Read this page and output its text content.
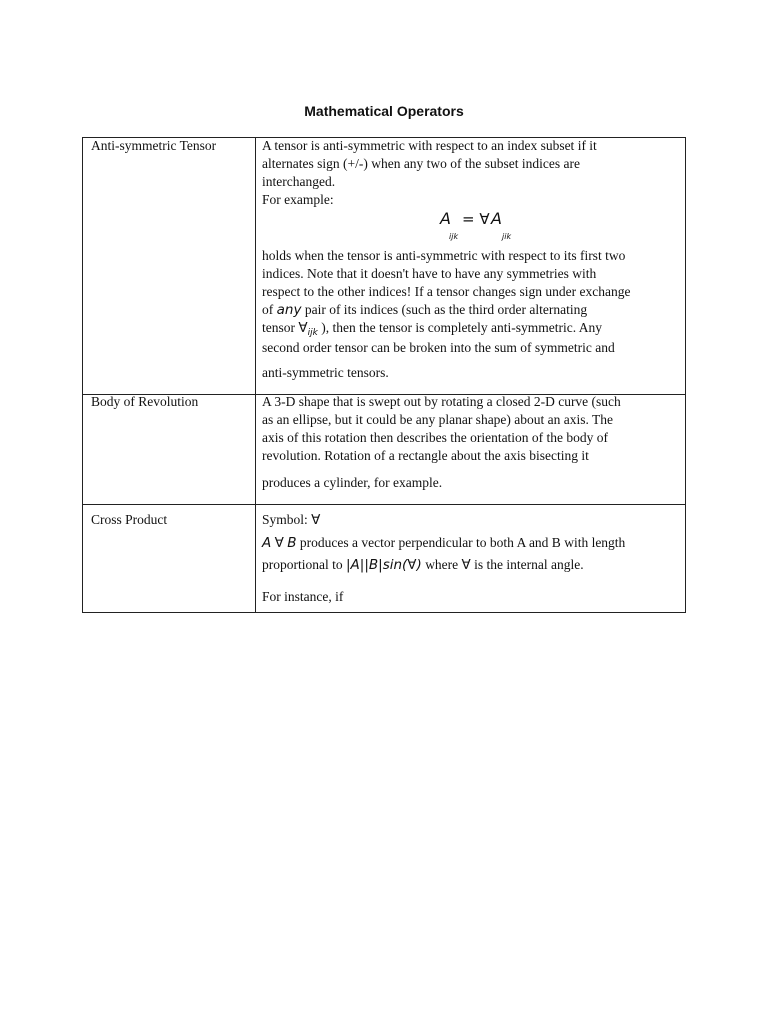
Mathematical Operators
Anti-symmetric Tensor	A tensor is anti-symmetric with respect to an index subset if it
alternates sign (+/-) when any two of the subset indices are
interchanged.
For example:
A
ijk
= ∀ A
jik
holds when the tensor is anti-symmetric with respect to its first two
indices. Note that it doesn't have to have any symmetries with
respect to the other indices! If a tensor changes sign under exchange
of any pair of its indices (such as the third order alternating
tensor $\forall_{ijk}$ ), then the tensor is completely anti-symmetric. Any
second order tensor can be broken into the sum of symmetric and
anti-symmetric tensors.
Body of Revolution	A 3-D shape that is swept out by rotating a closed 2-D curve (such
as an ellipse, but it could be any planar shape) about an axis. The
axis of this rotation then describes the orientation of the body of
revolution. Rotation of a rectangle about the axis bisecting it
produces a cylinder, for example.
Cross Product	Symbol: ∀
A ∀ B produces a vector perpendicular to both A and B with length
proportional to |A||B|sin(∀) where ∀ is the internal angle.
For instance, if
